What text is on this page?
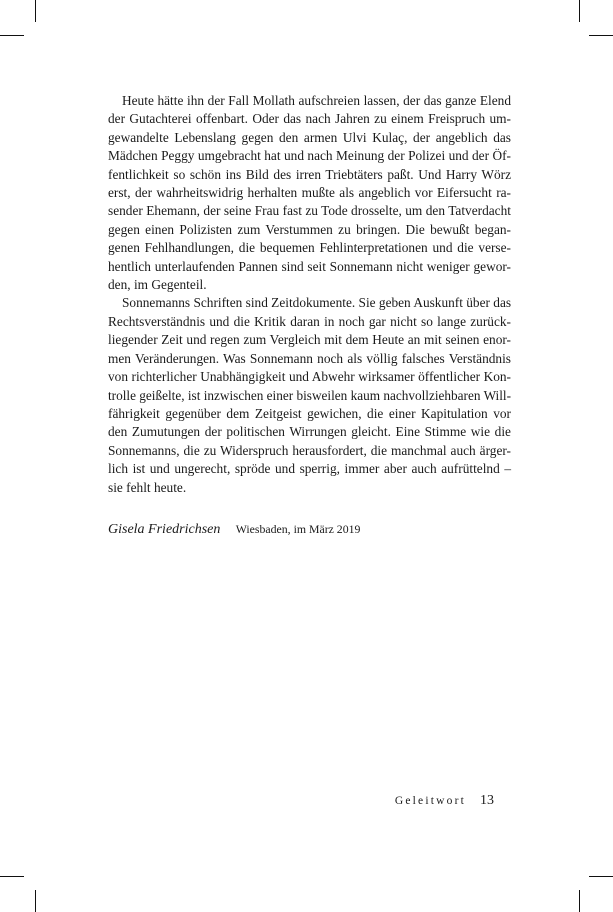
Heute hätte ihn der Fall Mollath aufschreien lassen, der das ganze Elend
der Gutachterei offenbart. Oder das nach Jahren zu einem Freispruch um-
gewandelte Lebenslang gegen den armen Ulvi Kulaç, der angeblich das
Mädchen Peggy umgebracht hat und nach Meinung der Polizei und der Öf-
fentlichkeit so schön ins Bild des irren Triebtäters paßt. Und Harry Wörz
erst, der wahrheitswidrig herhalten mußte als angeblich vor Eifersucht ra-
sender Ehemann, der seine Frau fast zu Tode drosselte, um den Tatverdacht
gegen einen Polizisten zum Verstummen zu bringen. Die bewußt began-
genen Fehlhandlungen, die bequemen Fehlinterpretationen und die verse-
hentlich unterlaufenden Pannen sind seit Sonnemann nicht weniger gewor-
den, im Gegenteil.

Sonnemanns Schriften sind Zeitdokumente. Sie geben Auskunft über das
Rechtsverständnis und die Kritik daran in noch gar nicht so lange zurück-
liegender Zeit und regen zum Vergleich mit dem Heute an mit seinen enor-
men Veränderungen. Was Sonnemann noch als völlig falsches Verständnis
von richterlicher Unabhängigkeit und Abwehr wirksamer öffentlicher Kon-
trolle geißelte, ist inzwischen einer bisweilen kaum nachvollziehbaren Will-
fährigkeit gegenüber dem Zeitgeist gewichen, die einer Kapitulation vor
den Zumutungen der politischen Wirrungen gleicht. Eine Stimme wie die
Sonnemanns, die zu Widerspruch herausfordert, die manchmal auch ärger-
lich ist und ungerecht, spröde und sperrig, immer aber auch aufrüttelnd –
sie fehlt heute.

Gisela Friedrichsen Wiesbaden, im März 2019
Geleitwort 13
